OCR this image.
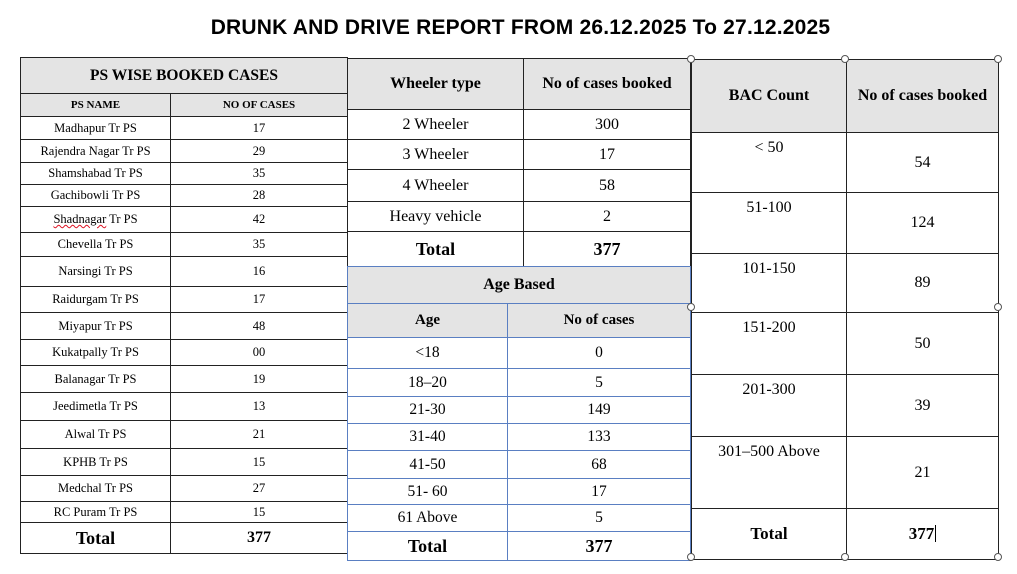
DRUNK AND DRIVE REPORT FROM 26.12.2025 To 27.12.2025
PS WISE BOOKED CASES	
PS NAME	NO OF CASES
Madhapur Tr PS	17
Rajendra Nagar Tr PS	29
Shamshabad Tr PS	35
Gachibowli Tr PS	28
Shadnagar Tr PS	42
Chevella Tr PS	35
Narsingi Tr PS	16
Raidurgam Tr PS	17
Miyapur Tr PS	48
Kukatpally Tr PS	00
Balanagar Tr PS	19
Jeedimetla Tr PS	13
Alwal Tr PS	21
KPHB Tr PS	15
Medchal Tr PS	27
RC Puram Tr PS	15
Total	377
Wheeler type	No of cases booked
2 Wheeler	300
3 Wheeler	17
4 Wheeler	58
Heavy vehicle	2
Total	377
Age Based	
Age	No of cases
<18	0
18–20	5
21-30	149
31-40	133
41-50	68
51- 60	17
61 Above	5
Total	377
BAC Count	No of cases booked
< 50	54
51-100	124
101-150	89
151-200	50
201-300	39
301–500 Above	21
Total	377
